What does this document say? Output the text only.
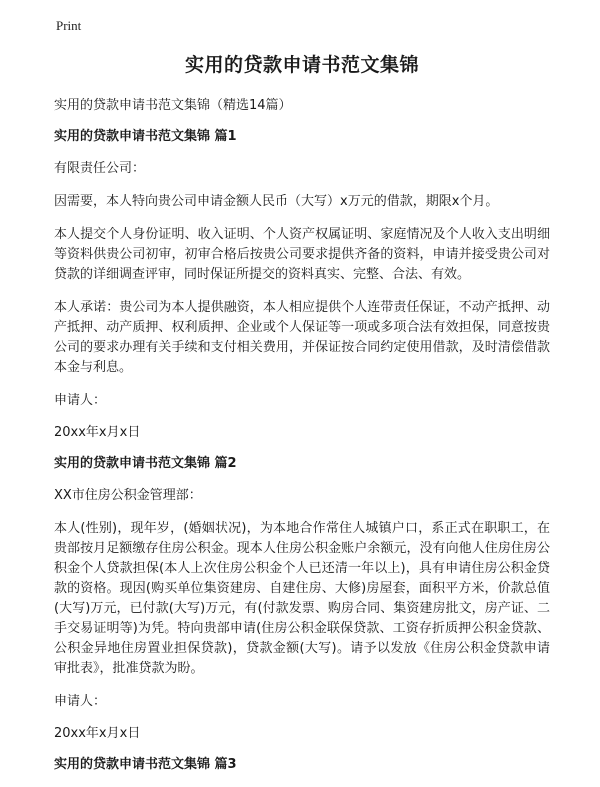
Print
实用的贷款申请书范文集锦
实用的贷款申请书范文集锦（精选14篇）
实用的贷款申请书范文集锦 篇1
有限责任公司：
因需要，本人特向贵公司申请金额人民币（大写）x万元的借款，期限x个月。
本人提交个人身份证明、收入证明、个人资产权属证明、家庭情况及个人收入支出明细等资料供贵公司初审，初审合格后按贵公司要求提供齐备的资料，申请并接受贵公司对贷款的详细调查评审，同时保证所提交的资料真实、完整、合法、有效。
本人承诺：贵公司为本人提供融资，本人相应提供个人连带责任保证，不动产抵押、动产抵押、动产质押、权利质押、企业或个人保证等一项或多项合法有效担保，同意按贵公司的要求办理有关手续和支付相关费用，并保证按合同约定使用借款，及时清偿借款本金与利息。
申请人：
20xx年x月x日
实用的贷款申请书范文集锦 篇2
XX市住房公积金管理部：
本人(性别)，现年岁，(婚姻状况)，为本地合作常住人城镇户口，系正式在职职工，在贵部按月足额缴存住房公积金。现本人住房公积金账户余额元，没有向他人住房住房公积金个人贷款担保(本人上次住房公积金个人已还清一年以上)，具有申请住房公积金贷款的资格。现因(购买单位集资建房、自建住房、大修)房屋套，面积平方米，价款总值(大写)万元，已付款(大写)万元，有(付款发票、购房合同、集资建房批文，房产证、二手交易证明等)为凭。特向贵部申请(住房公积金联保贷款、工资存折质押公积金贷款、公积金异地住房置业担保贷款)，贷款金额(大写)。请予以发放《住房公积金贷款申请审批表》，批准贷款为盼。
申请人：
20xx年x月x日
实用的贷款申请书范文集锦 篇3
